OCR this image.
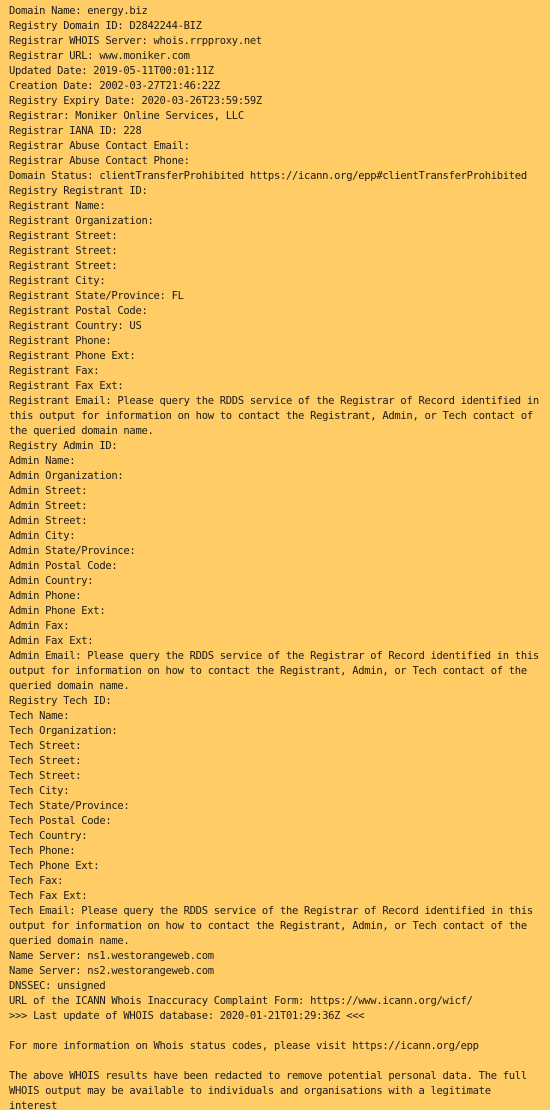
Domain Name: energy.biz
Registry Domain ID: D2842244-BIZ
Registrar WHOIS Server: whois.rrpproxy.net
Registrar URL: www.moniker.com
Updated Date: 2019-05-11T00:01:11Z
Creation Date: 2002-03-27T21:46:22Z
Registry Expiry Date: 2020-03-26T23:59:59Z
Registrar: Moniker Online Services, LLC
Registrar IANA ID: 228
Registrar Abuse Contact Email:
Registrar Abuse Contact Phone:
Domain Status: clientTransferProhibited https://icann.org/epp#clientTransferProhibited
Registry Registrant ID:
Registrant Name:
Registrant Organization:
Registrant Street:
Registrant Street:
Registrant Street:
Registrant City:
Registrant State/Province: FL
Registrant Postal Code:
Registrant Country: US
Registrant Phone:
Registrant Phone Ext:
Registrant Fax:
Registrant Fax Ext:
Registrant Email: Please query the RDDS service of the Registrar of Record identified in this output for information on how to contact the Registrant, Admin, or Tech contact of the queried domain name.
Registry Admin ID:
Admin Name:
Admin Organization:
Admin Street:
Admin Street:
Admin Street:
Admin City:
Admin State/Province:
Admin Postal Code:
Admin Country:
Admin Phone:
Admin Phone Ext:
Admin Fax:
Admin Fax Ext:
Admin Email: Please query the RDDS service of the Registrar of Record identified in this output for information on how to contact the Registrant, Admin, or Tech contact of the queried domain name.
Registry Tech ID:
Tech Name:
Tech Organization:
Tech Street:
Tech Street:
Tech Street:
Tech City:
Tech State/Province:
Tech Postal Code:
Tech Country:
Tech Phone:
Tech Phone Ext:
Tech Fax:
Tech Fax Ext:
Tech Email: Please query the RDDS service of the Registrar of Record identified in this output for information on how to contact the Registrant, Admin, or Tech contact of the queried domain name.
Name Server: ns1.westorangeweb.com
Name Server: ns2.westorangeweb.com
DNSSEC: unsigned
URL of the ICANN Whois Inaccuracy Complaint Form: https://www.icann.org/wicf/
>>> Last update of WHOIS database: 2020-01-21T01:29:36Z <<<
For more information on Whois status codes, please visit https://icann.org/epp
The above WHOIS results have been redacted to remove potential personal data. The full WHOIS output may be available to individuals and organisations with a legitimate interest
